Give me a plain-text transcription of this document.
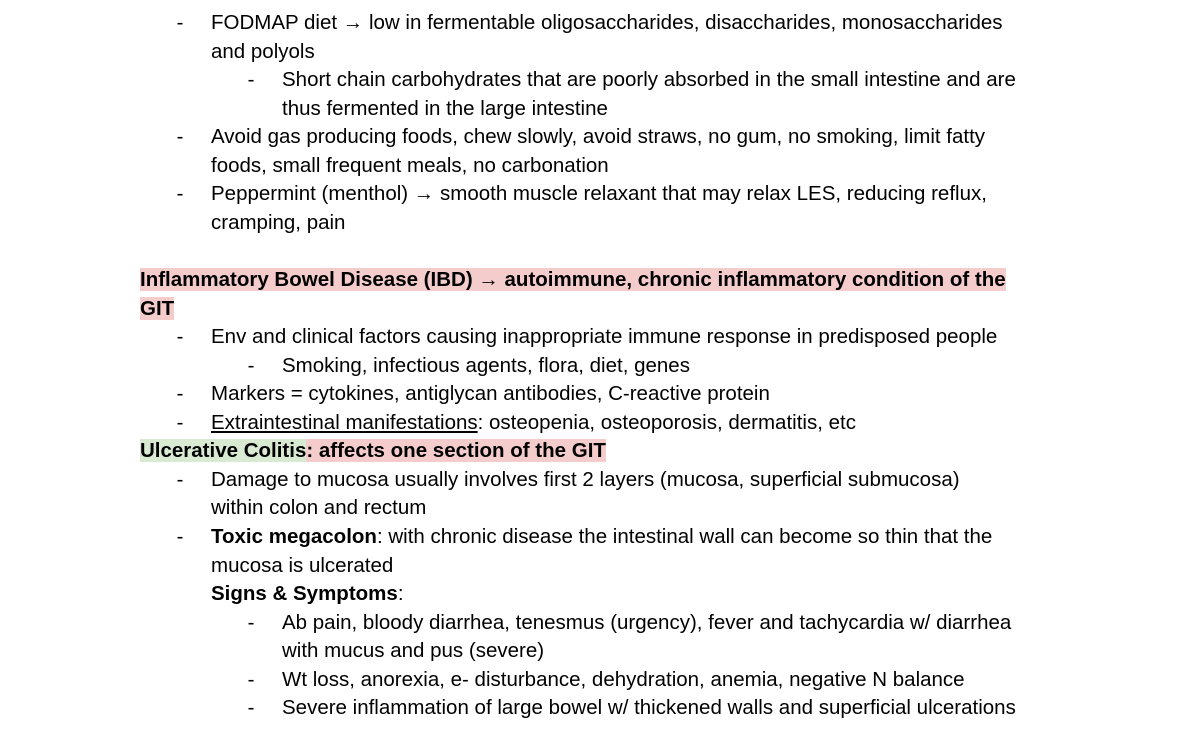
-	FODMAP diet → low in fermentable oligosaccharides, disaccharides, monosaccharides
and polyols
-	Short chain carbohydrates that are poorly absorbed in the small intestine and are
thus fermented in the large intestine
-	Avoid gas producing foods, chew slowly, avoid straws, no gum, no smoking, limit fatty
foods, small frequent meals, no carbonation
-	Peppermint (menthol) → smooth muscle relaxant that may relax LES, reducing reflux,
cramping, pain
Inflammatory Bowel Disease (IBD) → autoimmune, chronic inflammatory condition of the
GIT
-	Env and clinical factors causing inappropriate immune response in predisposed people
-	Smoking, infectious agents, flora, diet, genes
-	Markers = cytokines, antiglycan antibodies, C-reactive protein
-	Extraintestinal manifestations: osteopenia, osteoporosis, dermatitis, etc
Ulcerative Colitis: affects one section of the GIT
-	Damage to mucosa usually involves first 2 layers (mucosa, superficial submucosa)
within colon and rectum
-	Toxic megacolon: with chronic disease the intestinal wall can become so thin that the
mucosa is ulcerated
Signs & Symptoms:
-	Ab pain, bloody diarrhea, tenesmus (urgency), fever and tachycardia w/ diarrhea
with mucus and pus (severe)
-	Wt loss, anorexia, e- disturbance, dehydration, anemia, negative N balance
-	Severe inflammation of large bowel w/ thickened walls and superficial ulcerations
